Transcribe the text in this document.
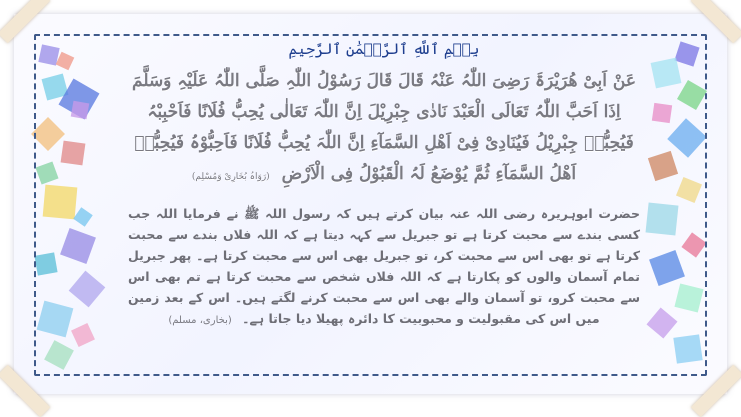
بِسۡمِ ٱللَّهِ ٱلرَّحۡمَٰنِ ٱلرَّحِيمِ

عَنْ اَبِیْ ھُرَیْرَۃَ رَضِیَ اللّٰہُ عَنْہُ قَالَ قَالَ رَسُوْلُ اللّٰہِ صَلَّی اللّٰہُ عَلَیْہِ وَسَلَّمَ اِذَا اَحَبَّ اللّٰہُ تَعَالَی الْعَبْدَ نَادٰی جِبْرِیْلَ اِنَّ اللّٰہَ تَعَالٰی یُحِبُّ فُلَانًا فَاَحْبِبْہُ فَیُحِبُّہٗ جِبْرِیْلُ فَیُنَادِیْ فِیْ اَھْلِ السَّمَآءِ اِنَّ اللّٰہَ یُحِبُّ فُلَانًا فَاَحِبُّوْہُ فَیُحِبُّہٗ اَھْلُ السَّمَآءِ ثُمَّ یُوْضَعُ لَہُ الْقَبُوْلُ فِی الْاَرْضِ (رَوَاہُ بُخَارِیْ وَمُسْلِم)

حضرت ابوہریرہ رضی اللہ عنہ بیان کرتے ہیں کہ رسول اللہ ﷺ نے فرمایا اللہ جب کسی بندے سے محبت کرتا ہے تو جبریل سے کہہ دیتا ہے کہ اللہ فلاں بندے سے محبت کرتا ہے تو بھی اس سے محبت کر، تو جبریل بھی اس سے محبت کرتا ہے۔ پھر جبریل تمام آسمان والوں کو پکارتا ہے کہ اللہ فلاں شخص سے محبت کرتا ہے تم بھی اس سے محبت کرو، تو آسمان والے بھی اس سے محبت کرنے لگتے ہیں۔ اس کے بعد زمین میں اس کی مقبولیت و محبوبیت کا دائرہ پھیلا دیا جاتا ہے۔ (بخاری، مسلم)
